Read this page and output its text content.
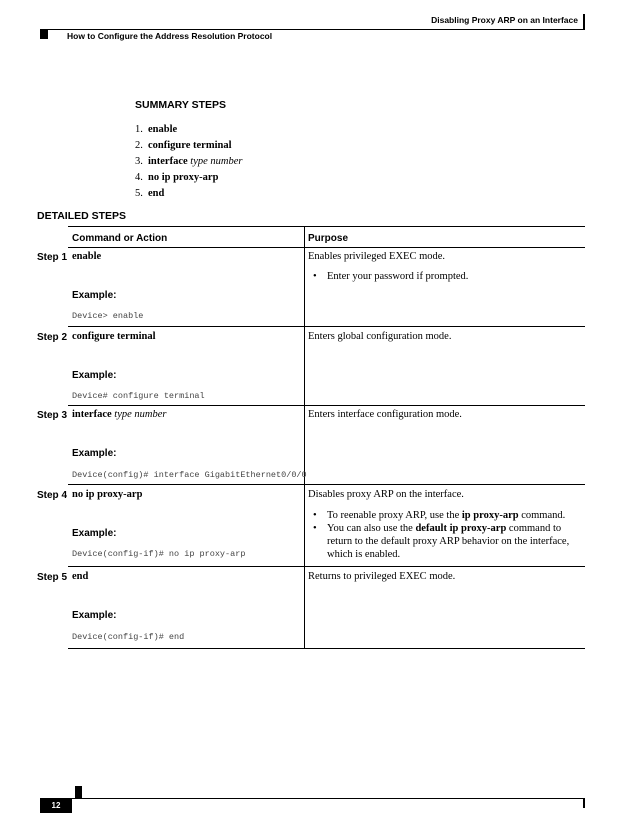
Disabling Proxy ARP on an Interface
How to Configure the Address Resolution Protocol
SUMMARY STEPS
1. enable
2. configure terminal
3. interface type number
4. no ip proxy-arp
5. end
DETAILED STEPS
Command or Action	Purpose
Step 1 enable
Example:
Device> enable
Enables privileged EXEC mode.
• Enter your password if prompted.
Step 2 configure terminal
Example:
Device# configure terminal
Enters global configuration mode.
Step 3 interface type number
Example:
Device(config)# interface GigabitEthernet0/0/0
Enters interface configuration mode.
Step 4 no ip proxy-arp
Example:
Device(config-if)# no ip proxy-arp
Disables proxy ARP on the interface.
• To reenable proxy ARP, use the ip proxy-arp command.
• You can also use the default ip proxy-arp command to return to the default proxy ARP behavior on the interface, which is enabled.
Step 5 end
Example:
Device(config-if)# end
Returns to privileged EXEC mode.
12
